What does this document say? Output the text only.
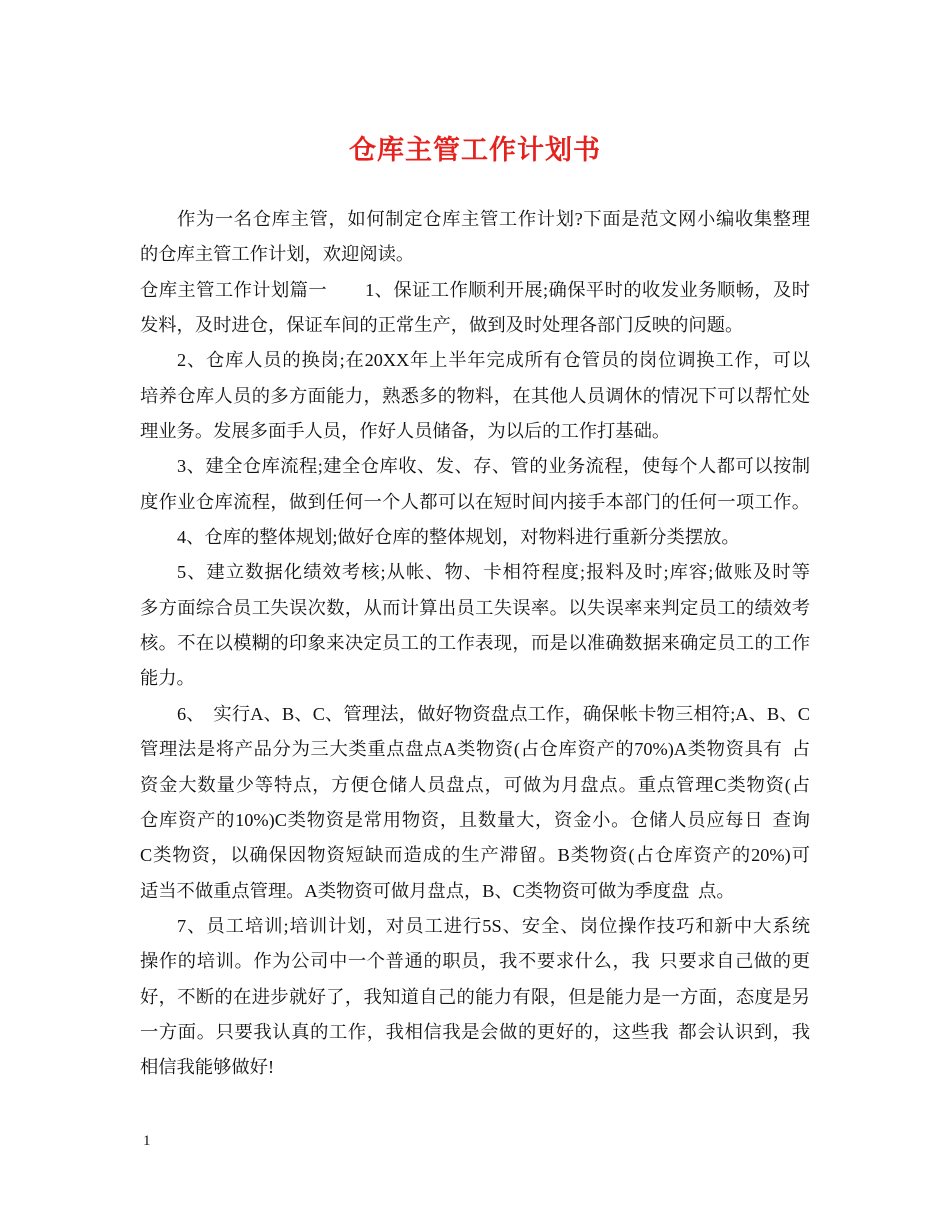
仓库主管工作计划书
作为一名仓库主管，如何制定仓库主管工作计划?下面是范文网小编收集整理
的仓库主管工作计划，欢迎阅读。
仓库主管工作计划篇一 1、保证工作顺利开展;确保平时的收发业务顺畅，及时
发料，及时进仓，保证车间的正常生产，做到及时处理各部门反映的问题。
2、仓库人员的换岗;在20XX年上半年完成所有仓管员的岗位调换工作，可以
培养仓库人员的多方面能力，熟悉多的物料，在其他人员调休的情况下可以帮忙处
理业务。发展多面手人员，作好人员储备，为以后的工作打基础。
3、建全仓库流程;建全仓库收、发、存、管的业务流程，使每个人都可以按制
度作业仓库流程，做到任何一个人都可以在短时间内接手本部门的任何一项工作。
4、仓库的整体规划;做好仓库的整体规划，对物料进行重新分类摆放。
5、建立数据化绩效考核;从帐、物、卡相符程度;报料及时;库容;做账及时等
多方面综合员工失误次数，从而计算出员工失误率。以失误率来判定员工的绩效考
核。不在以模糊的印象来决定员工的工作表现，而是以准确数据来确定员工的工作
能力。
6、 实行A、B、C、管理法，做好物资盘点工作，确保帐卡物三相符;A、B、C
管理法是将产品分为三大类重点盘点A类物资(占仓库资产的70%)A类物资具有 占
资金大数量少等特点，方便仓储人员盘点，可做为月盘点。重点管理C类物资(占
仓库资产的10%)C类物资是常用物资，且数量大，资金小。仓储人员应每日 查询
C类物资，以确保因物资短缺而造成的生产滞留。B类物资(占仓库资产的20%)可
适当不做重点管理。A类物资可做月盘点，B、C类物资可做为季度盘 点。
7、员工培训;培训计划，对员工进行5S、安全、岗位操作技巧和新中大系统
操作的培训。作为公司中一个普通的职员，我不要求什么，我 只要求自己做的更
好，不断的在进步就好了，我知道自己的能力有限，但是能力是一方面，态度是另
一方面。只要我认真的工作，我相信我是会做的更好的，这些我 都会认识到，我
相信我能够做好!
1
